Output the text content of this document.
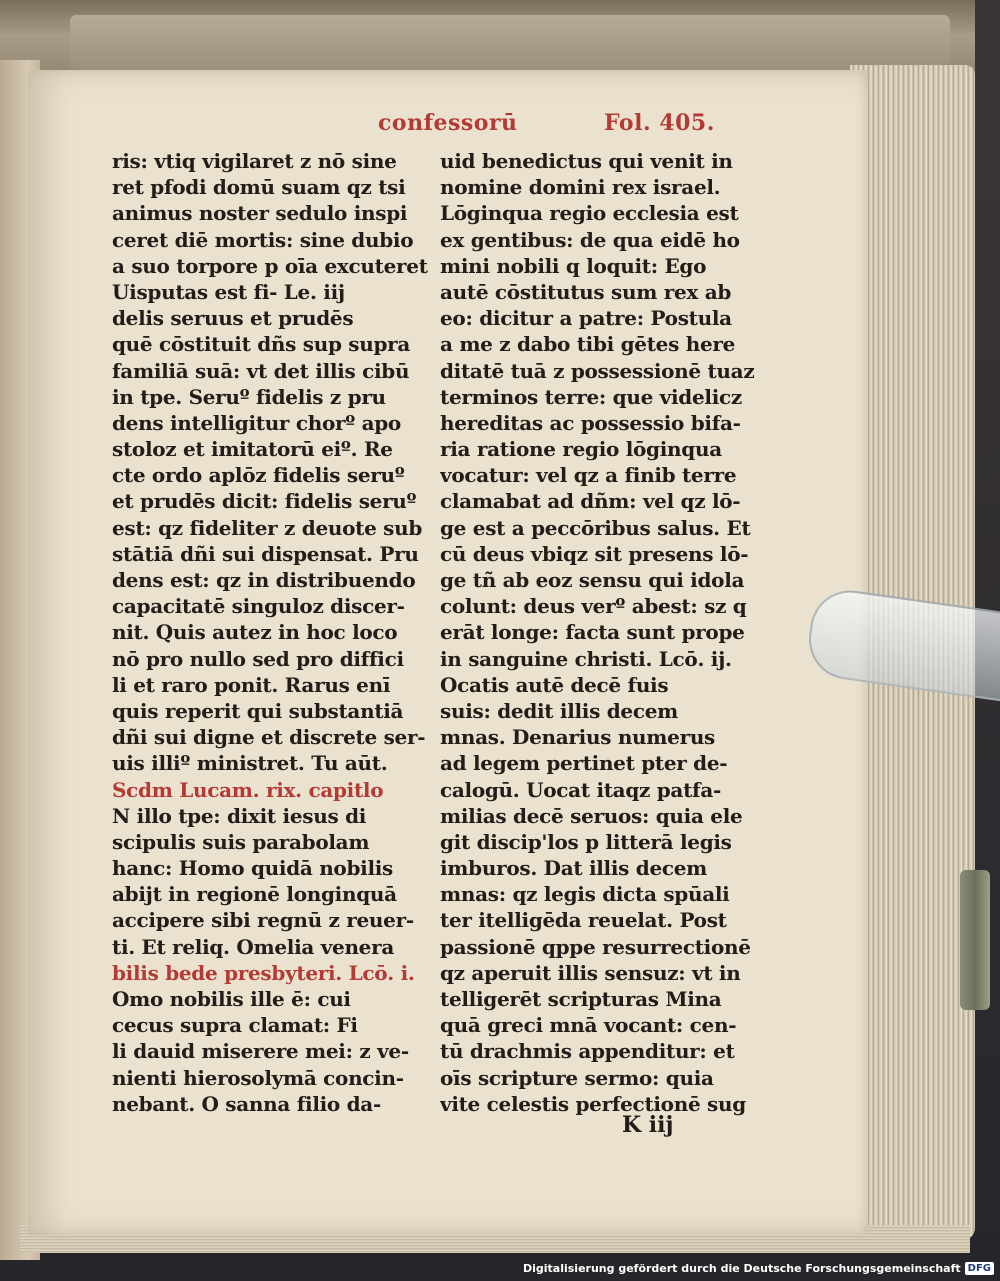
confessorū	Fol. 405.
ris: vtiq vigilaret z nō sine
ret pfodi domū suam qz tsi
animus noster sedulo inspi
ceret diē mortis: sine dubio
a suo torpore p oīa excuteret
Uisputas est fi- Le. iij
delis seruus et prudēs
quē cōstituit dñs sup supra
familiā suā: vt det illis cibū
in tpe. Seruº fidelis z pru
dens intelligitur chorº apo
stoloz et imitatorū eiº. Re
cte ordo aplōz fidelis seruº
et prudēs dicit: fidelis seruº
est: qz fideliter z deuote sub
stātiā dñi sui dispensat. Pru
dens est: qz in distribuendo
capacitatē singuloz discer-
nit. Quis autez in hoc loco
nō pro nullo sed pro diffici
li et raro ponit. Rarus enī
quis reperit qui substantiā
dñi sui digne et discrete ser-
uis illiº ministret. Tu aūt.
Scdm Lucam. rix. capitlo
N illo tpe: dixit iesus di
scipulis suis parabolam
hanc: Homo quidā nobilis
abijt in regionē longinquā
accipere sibi regnū z reuer-
ti. Et reliq. Omelia venera
bilis bede presbyteri. Lcō. i.
Omo nobilis ille ē: cui
cecus supra clamat: Fi
li dauid miserere mei: z ve-
nienti hierosolymā concin-
nebant. O sanna filio da-
uid benedictus qui venit in
nomine domini rex israel.
Lōginqua regio ecclesia est
ex gentibus: de qua eidē ho
mini nobili q loquit: Ego
autē cōstitutus sum rex ab
eo: dicitur a patre: Postula
a me z dabo tibi gētes here
ditatē tuā z possessionē tuaz
terminos terre: que videlicz
hereditas ac possessio bifa-
ria ratione regio lōginqua
vocatur: vel qz a finib terre
clamabat ad dñm: vel qz lō-
ge est a peccōribus salus. Et
cū deus vbiqz sit presens lō-
ge tñ ab eoz sensu qui idola
colunt: deus verº abest: sz q
erāt longe: facta sunt prope
in sanguine christi. Lcō. ij.
Ocatis autē decē fuis
suis: dedit illis decem
mnas. Denarius numerus
ad legem pertinet pter de-
calogū. Uocat itaqz patfa-
milias decē seruos: quia ele
git discip'los p litterā legis
imburos. Dat illis decem
mnas: qz legis dicta spūali
ter itelligēda reuelat. Post
passionē qppe resurrectionē
qz aperuit illis sensuz: vt in
telligerēt scripturas Mina
quā greci mnā vocant: cen-
tū drachmis appenditur: et
oīs scripture sermo: quia
vite celestis perfectionē sug
K iij
Digitalisierung gefördert durch die Deutsche Forschungsgemeinschaft DFG
